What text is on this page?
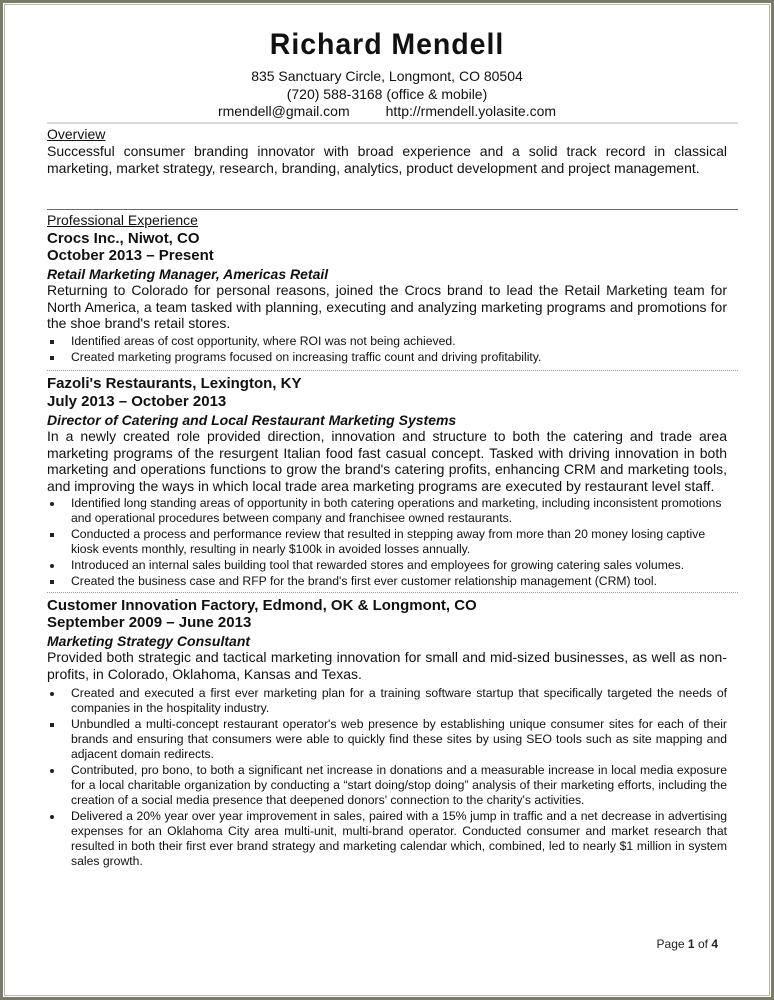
Richard Mendell
835 Sanctuary Circle, Longmont, CO 80504
(720) 588-3168 (office & mobile)
rmendell@gmail.com	http://rmendell.yolasite.com
Overview
Successful consumer branding innovator with broad experience and a solid track record in classical marketing, market strategy, research, branding, analytics, product development and project management.
Professional Experience
Crocs Inc., Niwot, CO
October 2013 – Present
Retail Marketing Manager, Americas Retail
Returning to Colorado for personal reasons, joined the Crocs brand to lead the Retail Marketing team for North America, a team tasked with planning, executing and analyzing marketing programs and promotions for the shoe brand's retail stores.
Identified areas of cost opportunity, where ROI was not being achieved.
Created marketing programs focused on increasing traffic count and driving profitability.
Fazoli's Restaurants, Lexington, KY
July 2013 – October 2013
Director of Catering and Local Restaurant Marketing Systems
In a newly created role provided direction, innovation and structure to both the catering and trade area marketing programs of the resurgent Italian food fast casual concept. Tasked with driving innovation in both marketing and operations functions to grow the brand's catering profits, enhancing CRM and marketing tools, and improving the ways in which local trade area marketing programs are executed by restaurant level staff.
Identified long standing areas of opportunity in both catering operations and marketing, including inconsistent promotions and operational procedures between company and franchisee owned restaurants.
Conducted a process and performance review that resulted in stepping away from more than 20 money losing captive kiosk events monthly, resulting in nearly $100k in avoided losses annually.
Introduced an internal sales building tool that rewarded stores and employees for growing catering sales volumes.
Created the business case and RFP for the brand's first ever customer relationship management (CRM) tool.
Customer Innovation Factory, Edmond, OK & Longmont, CO
September 2009 – June 2013
Marketing Strategy Consultant
Provided both strategic and tactical marketing innovation for small and mid-sized businesses, as well as non-profits, in Colorado, Oklahoma, Kansas and Texas.
Created and executed a first ever marketing plan for a training software startup that specifically targeted the needs of companies in the hospitality industry.
Unbundled a multi-concept restaurant operator's web presence by establishing unique consumer sites for each of their brands and ensuring that consumers were able to quickly find these sites by using SEO tools such as site mapping and adjacent domain redirects.
Contributed, pro bono, to both a significant net increase in donations and a measurable increase in local media exposure for a local charitable organization by conducting a “start doing/stop doing” analysis of their marketing efforts, including the creation of a social media presence that deepened donors' connection to the charity's activities.
Delivered a 20% year over year improvement in sales, paired with a 15% jump in traffic and a net decrease in advertising expenses for an Oklahoma City area multi-unit, multi-brand operator. Conducted consumer and market research that resulted in both their first ever brand strategy and marketing calendar which, combined, led to nearly $1 million in system sales growth.
Page 1 of 4
